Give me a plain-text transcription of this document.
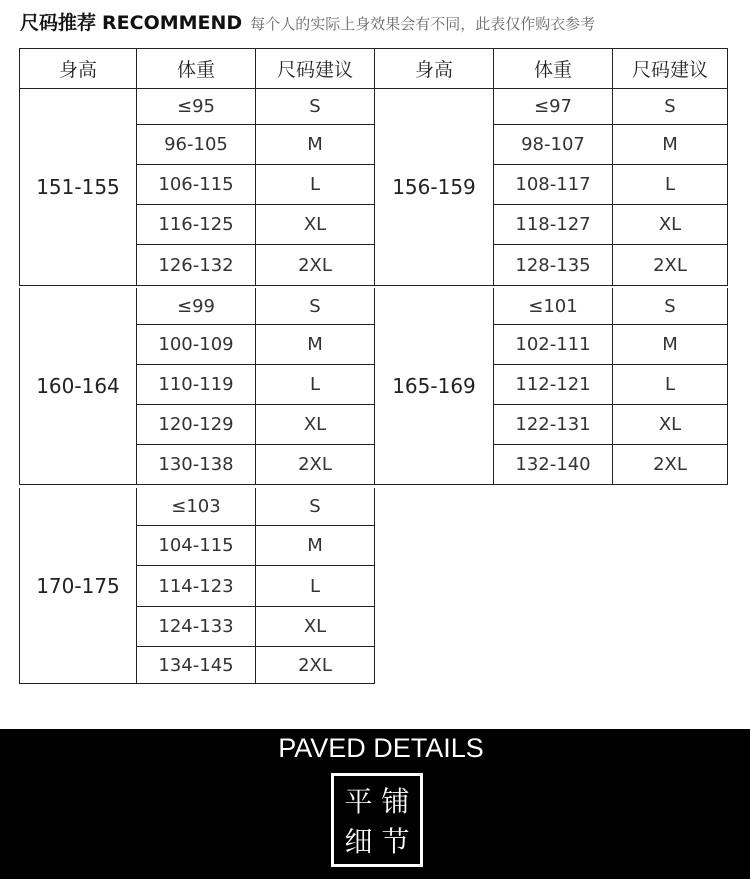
尺码推荐 RECOMMEND 每个人的实际上身效果会有不同，此表仅作购衣参考
身高	体重	尺码建议	身高	体重	尺码建议
151-155
≤95	S
96-105	M
106-115	L
116-125	XL
126-132	2XL
156-159
≤97	S
98-107	M
108-117	L
118-127	XL
128-135	2XL
160-164
≤99	S
100-109	M
110-119	L
120-129	XL
130-138	2XL
165-169
≤101	S
102-111	M
112-121	L
122-131	XL
132-140	2XL
170-175
≤103	S
104-115	M
114-123	L
124-133	XL
134-145	2XL
PAVED DETAILS
平 铺
细 节
